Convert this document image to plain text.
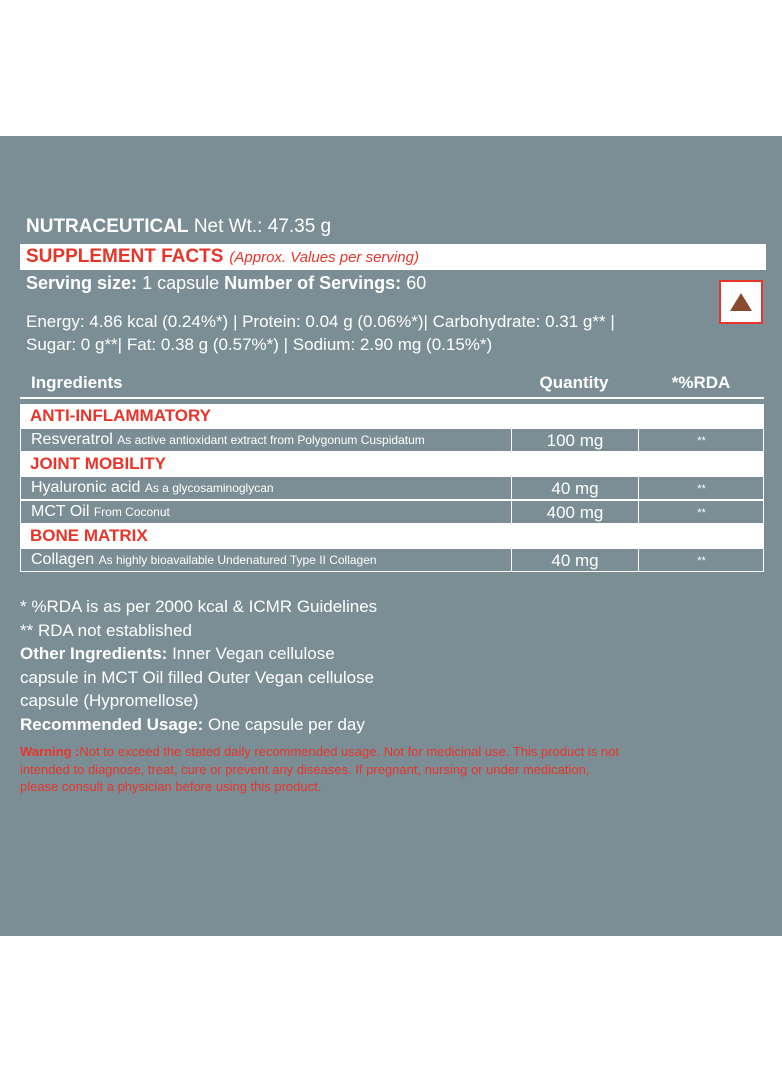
NUTRACEUTICAL Net Wt.: 47.35 g
SUPPLEMENT FACTS (Approx. Values per serving)
Serving size: 1 capsule Number of Servings: 60
Energy: 4.86 kcal (0.24%*) | Protein: 0.04 g (0.06%*)| Carbohydrate: 0.31 g** |
Sugar: 0 g**| Fat: 0.38 g (0.57%*) | Sodium: 2.90 mg (0.15%*)
Ingredients	Quantity	*%RDA
ANTI-INFLAMMATORY
Resveratrol As active antioxidant extract from Polygonum Cuspidatum	100 mg	**
JOINT MOBILITY
Hyaluronic acid As a glycosaminoglycan	40 mg	**
MCT Oil From Coconut	400 mg	**
BONE MATRIX
Collagen As highly bioavailable Undenatured Type II Collagen	40 mg	**
* %RDA is as per 2000 kcal & ICMR Guidelines
** RDA not established
Other Ingredients: Inner Vegan cellulose
capsule in MCT Oil filled Outer Vegan cellulose
capsule (Hypromellose)
Recommended Usage: One capsule per day
Warning :Not to exceed the stated daily recommended usage. Not for medicinal use. This product is not
intended to diagnose, treat, cure or prevent any diseases. If pregnant, nursing or under medication,
please consult a physician before using this product.
